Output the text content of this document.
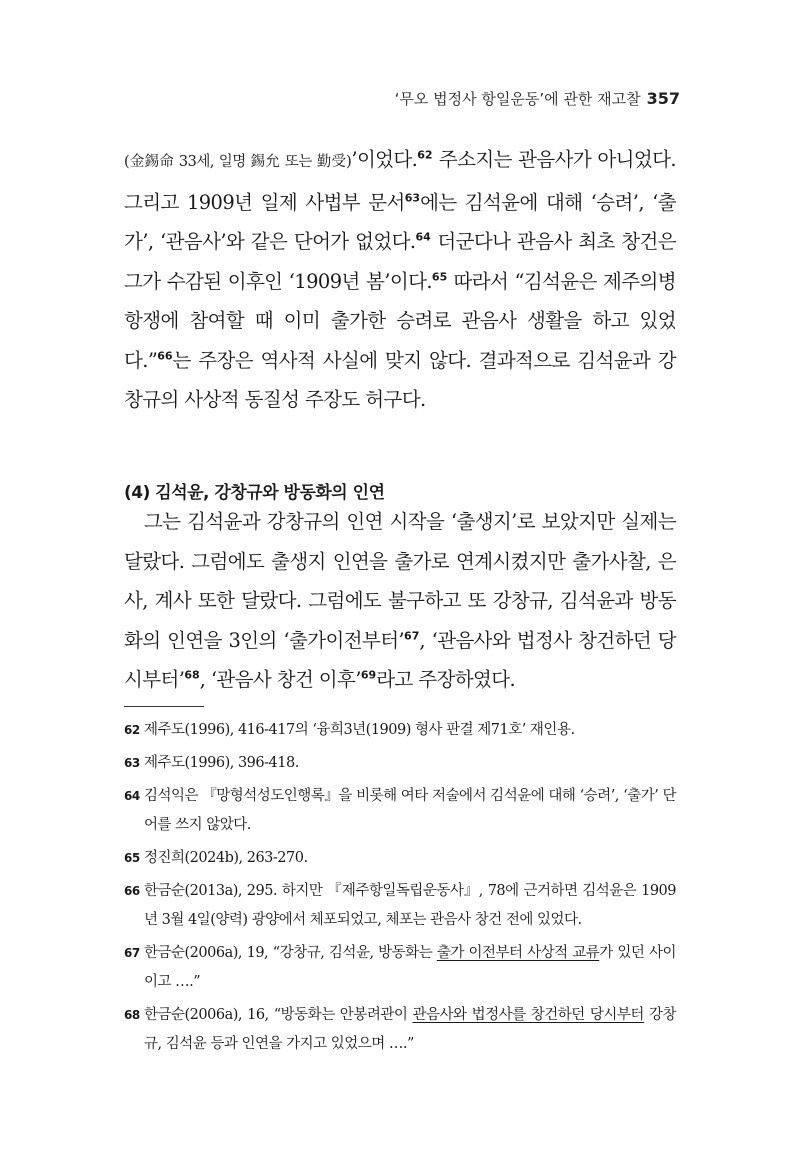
‘무오 법정사 항일운동’에 관한 재고찰 357

(金錫命 33세, 일명 錫允 또는 勤受)’이었다.$^{62}$ 주소지는 관음사가 아니었다. 그리고 1909년 일제 사법부 문서$^{63}$에는 김석윤에 대해 ‘승려’, ‘출가’, ‘관음사’와 같은 단어가 없었다.$^{64}$ 더군다나 관음사 최초 창건은 그가 수감된 이후인 ‘1909년 봄’이다.$^{65}$ 따라서 “김석윤은 제주의병항쟁에 참여할 때 이미 출가한 승려로 관음사 생활을 하고 있었다.”$^{66}$는 주장은 역사적 사실에 맞지 않다. 결과적으로 김석윤과 강창규의 사상적 동질성 주장도 허구다.

(4) 김석윤, 강창규와 방동화의 인연

그는 김석윤과 강창규의 인연 시작을 ‘출생지’로 보았지만 실제는 달랐다. 그럼에도 출생지 인연을 출가로 연계시켰지만 출가사찰, 은사, 계사 또한 달랐다. 그럼에도 불구하고 또 강창규, 김석윤과 방동화의 인연을 3인의 ‘출가이전부터’$^{67}$, ‘관음사와 법정사 창건하던 당시부터’$^{68}$, ‘관음사 창건 이후’$^{69}$라고 주장하였다.

62 제주도(1996), 416-417의 ‘융희3년(1909) 형사 판결 제71호’ 재인용.
63 제주도(1996), 396-418.
64 김석익은 『망형석성도인행록』을 비롯해 여타 저술에서 김석윤에 대해 ‘승려’, ‘출가’ 단어를 쓰지 않았다.
65 정진희(2024b), 263-270.
66 한금순(2013a), 295. 하지만 『제주항일독립운동사』, 78에 근거하면 김석윤은 1909년 3월 4일(양력) 광양에서 체포되었고, 체포는 관음사 창건 전에 있었다.
67 한금순(2006a), 19, “강창규, 김석윤, 방동화는 출가 이전부터 사상적 교류가 있던 사이이고 ….”
68 한금순(2006a), 16, “방동화는 안봉려관이 관음사와 법정사를 창건하던 당시부터 강창규, 김석윤 등과 인연을 가지고 있었으며 ….”
